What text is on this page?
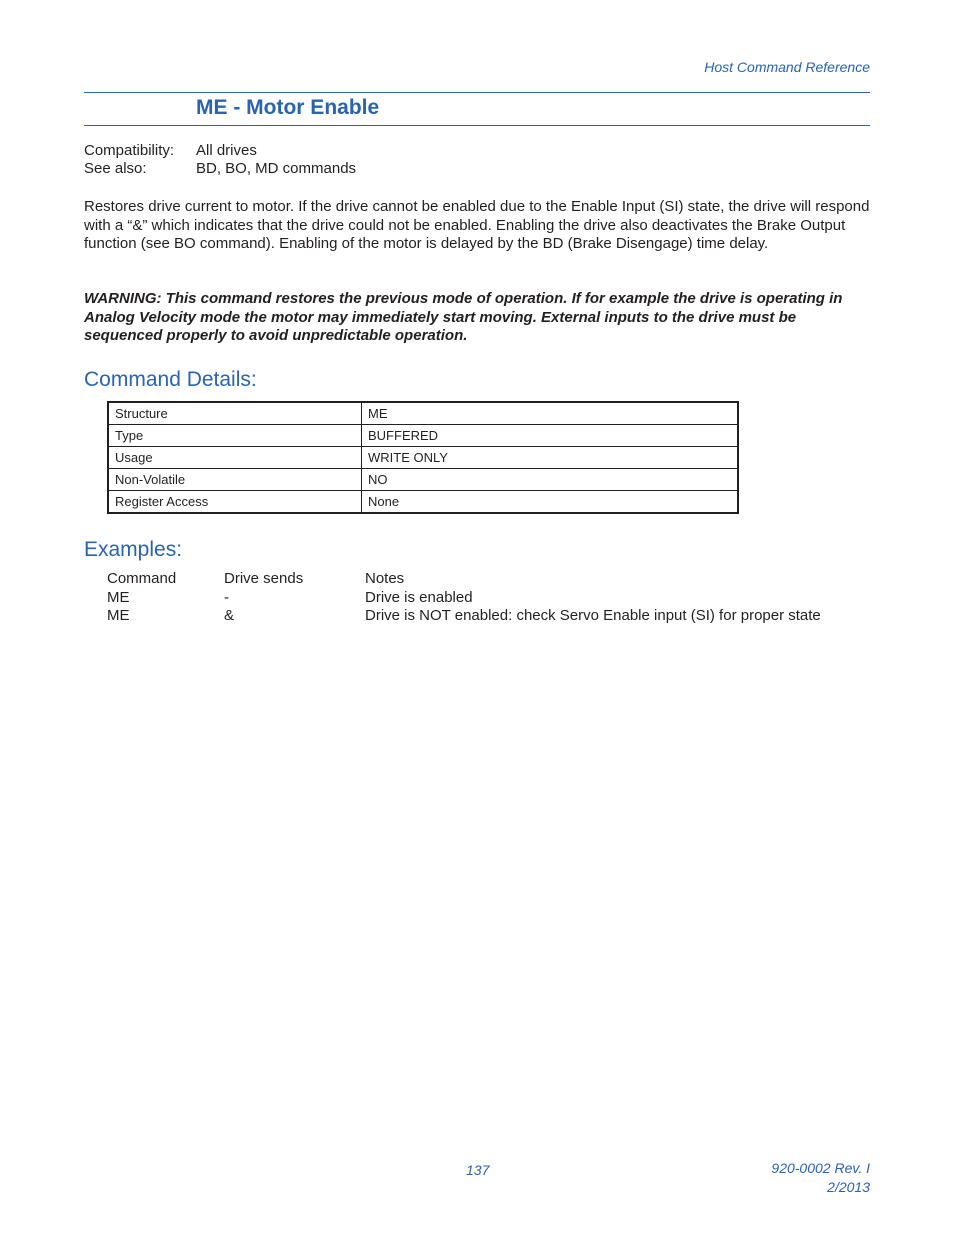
Host Command Reference
ME - Motor Enable
Compatibility:	All drives
See also:	BD, BO, MD commands

Restores drive current to motor. If the drive cannot be enabled due to the Enable Input (SI) state, the drive will respond with a “&” which indicates that the drive could not be enabled. Enabling the drive also deactivates the Brake Output function (see BO command). Enabling of the motor is delayed by the BD (Brake Disengage) time delay.

WARNING: This command restores the previous mode of operation. If for example the drive is operating in Analog Velocity mode the motor may immediately start moving. External inputs to the drive must be sequenced properly to avoid unpredictable operation.

Command Details:
Structure	ME
Type	BUFFERED
Usage	WRITE ONLY
Non-Volatile	NO
Register Access	None
Examples:
Command	Drive sends	Notes
ME	-	Drive is enabled
ME	&	Drive is NOT enabled: check Servo Enable input (SI) for proper state
137	920-0002 Rev. I
2/2013
